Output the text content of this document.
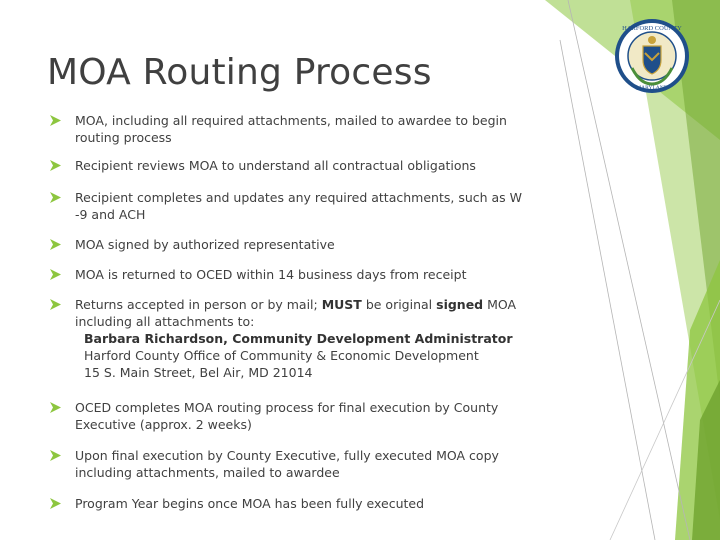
MOA Routing Process
HARFORD COUNTY
MARYLAND
MOA, including all required attachments, mailed to awardee to begin
routing process
Recipient reviews MOA to understand all contractual obligations
Recipient completes and updates any required attachments, such as W
-9 and ACH
MOA signed by authorized representative
MOA is returned to OCED within 14 business days from receipt
Returns accepted in person or by mail; MUST be original signed MOA
including all attachments to:
Barbara Richardson, Community Development Administrator
Harford County Office of Community & Economic Development
15 S. Main Street, Bel Air, MD 21014
OCED completes MOA routing process for final execution by County
Executive (approx. 2 weeks)
Upon final execution by County Executive, fully executed MOA copy
including attachments, mailed to awardee
Program Year begins once MOA has been fully executed
